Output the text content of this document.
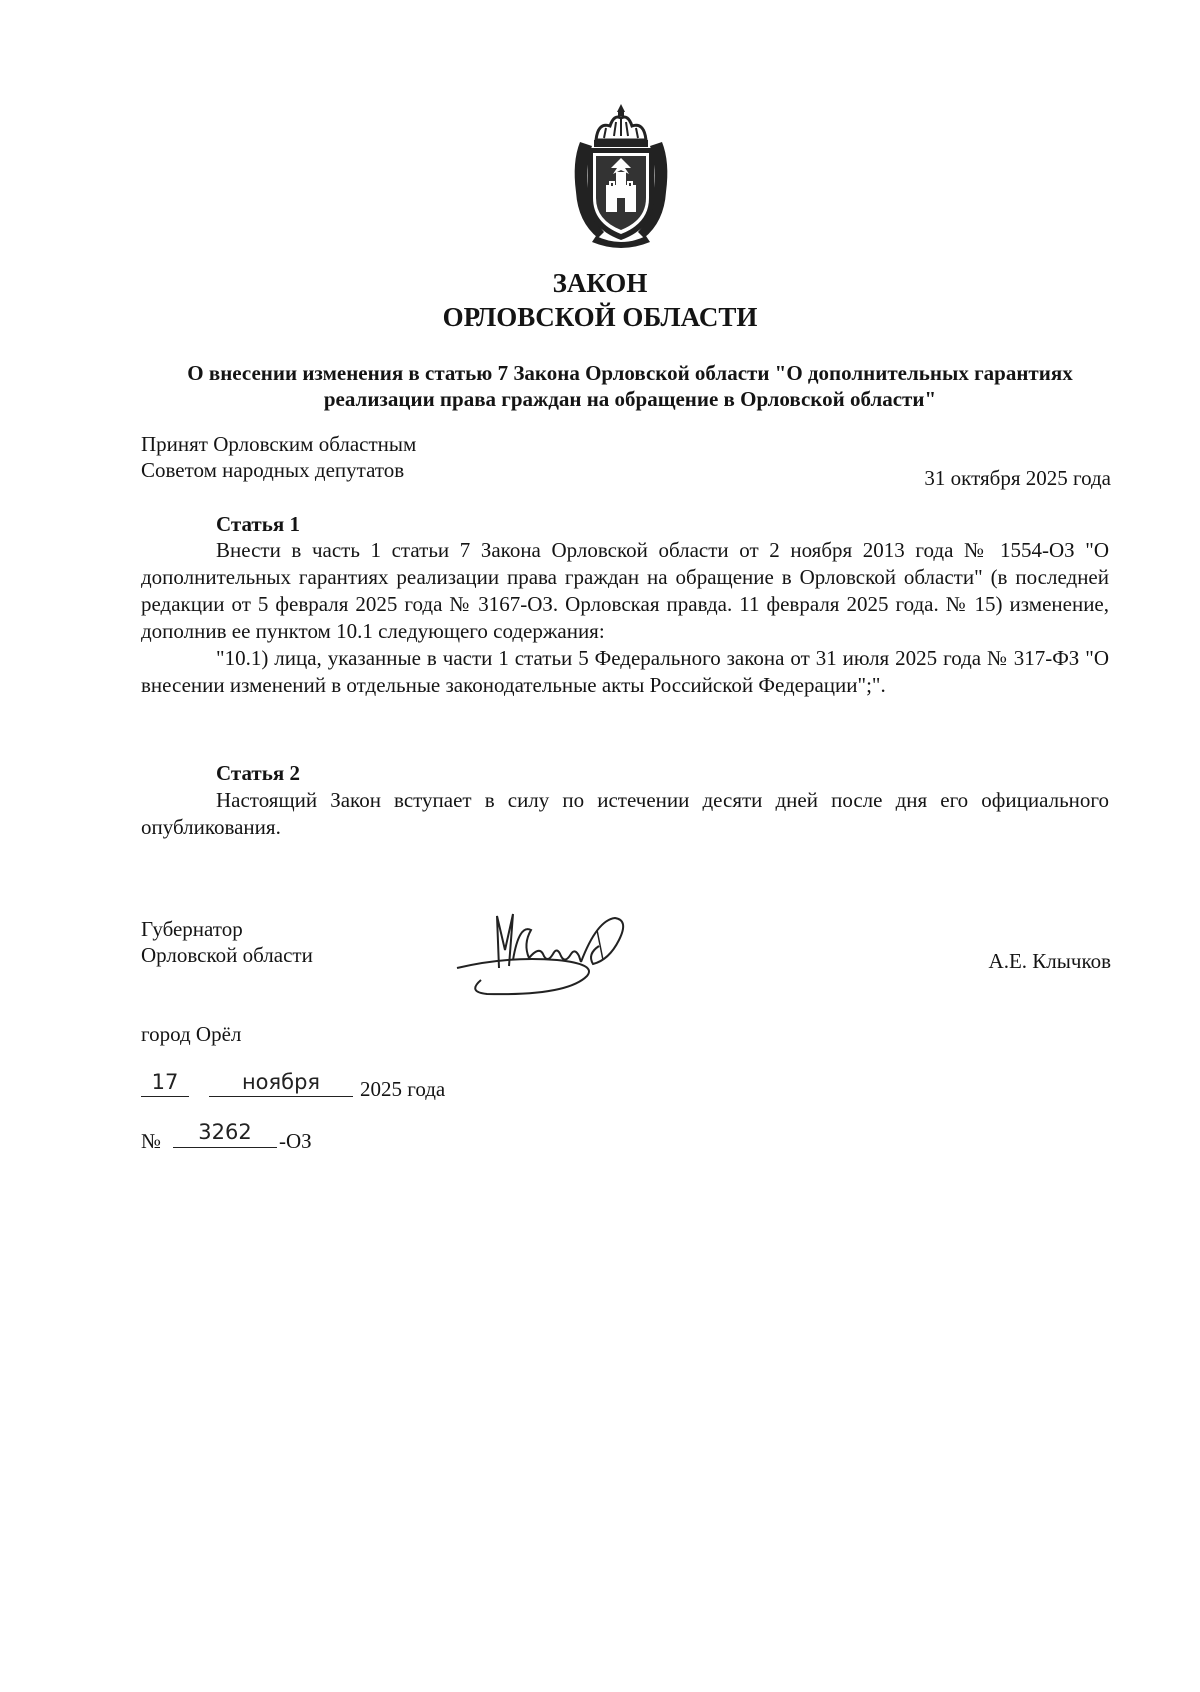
ЗАКОН
ОРЛОВСКОЙ ОБЛАСТИ
О внесении изменения в статью 7 Закона Орловской области "О дополнительных гарантиях реализации права граждан на обращение в Орловской области"
Принят Орловским областным
Советом народных депутатов	31 октября 2025 года
Статья 1
Внести в часть 1 статьи 7 Закона Орловской области от 2 ноября 2013 года № 1554-ОЗ "О дополнительных гарантиях реализации права граждан на обращение в Орловской области" (в последней редакции от 5 февраля 2025 года № 3167-ОЗ. Орловская правда. 11 февраля 2025 года. № 15) изменение, дополнив ее пунктом 10.1 следующего содержания:
"10.1) лица, указанные в части 1 статьи 5 Федерального закона от 31 июля 2025 года № 317-ФЗ "О внесении изменений в отдельные законодательные акты Российской Федерации";".
Статья 2
Настоящий Закон вступает в силу по истечении десяти дней после дня его официального опубликования.
Губернатор
Орловской области	А.Е. Клычков
город Орёл
17	ноября	2025 года
№	3262	-ОЗ
